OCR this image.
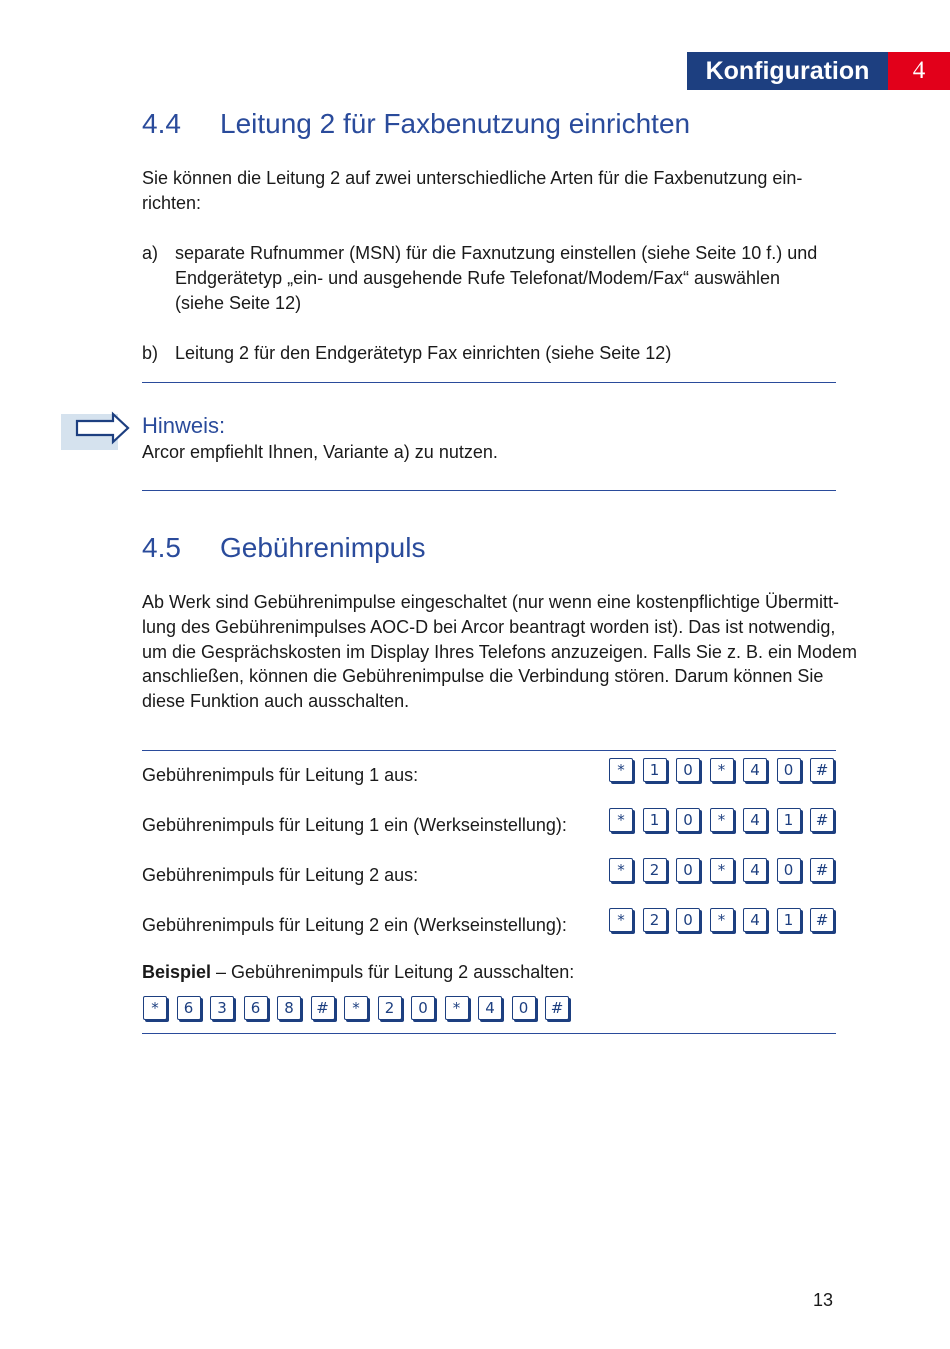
Konfiguration	4
4.4 Leitung 2 für Faxbenutzung einrichten
Sie können die Leitung 2 auf zwei unterschiedliche Arten für die Faxbenutzung ein-
richten:
a) separate Rufnummer (MSN) für die Faxnutzung einstellen (siehe Seite 10 f.) und
Endgerätetyp „ein- und ausgehende Rufe Telefonat/Modem/Fax“ auswählen
(siehe Seite 12)
b) Leitung 2 für den Endgerätetyp Fax einrichten (siehe Seite 12)
Hinweis:
Arcor empfiehlt Ihnen, Variante a) zu nutzen.
4.5 Gebührenimpuls
Ab Werk sind Gebührenimpulse eingeschaltet (nur wenn eine kostenpflichtige Übermitt-
lung des Gebührenimpulses AOC-D bei Arcor beantragt worden ist). Das ist notwendig,
um die Gesprächskosten im Display Ihres Telefons anzuzeigen. Falls Sie z. B. ein Modem
anschließen, können die Gebührenimpulse die Verbindung stören. Darum können Sie
diese Funktion auch ausschalten.
Gebührenimpuls für Leitung 1 aus:	*	1	0	*	4	0	#
Gebührenimpuls für Leitung 1 ein (Werkseinstellung):	*	1	0	*	4	1	#
Gebührenimpuls für Leitung 2 aus:	*	2	0	*	4	0	#
Gebührenimpuls für Leitung 2 ein (Werkseinstellung):	*	2	0	*	4	1	#
Beispiel – Gebührenimpuls für Leitung 2 ausschalten:
*	6	3	6	8	#	*	2	0	*	4	0	#
13
